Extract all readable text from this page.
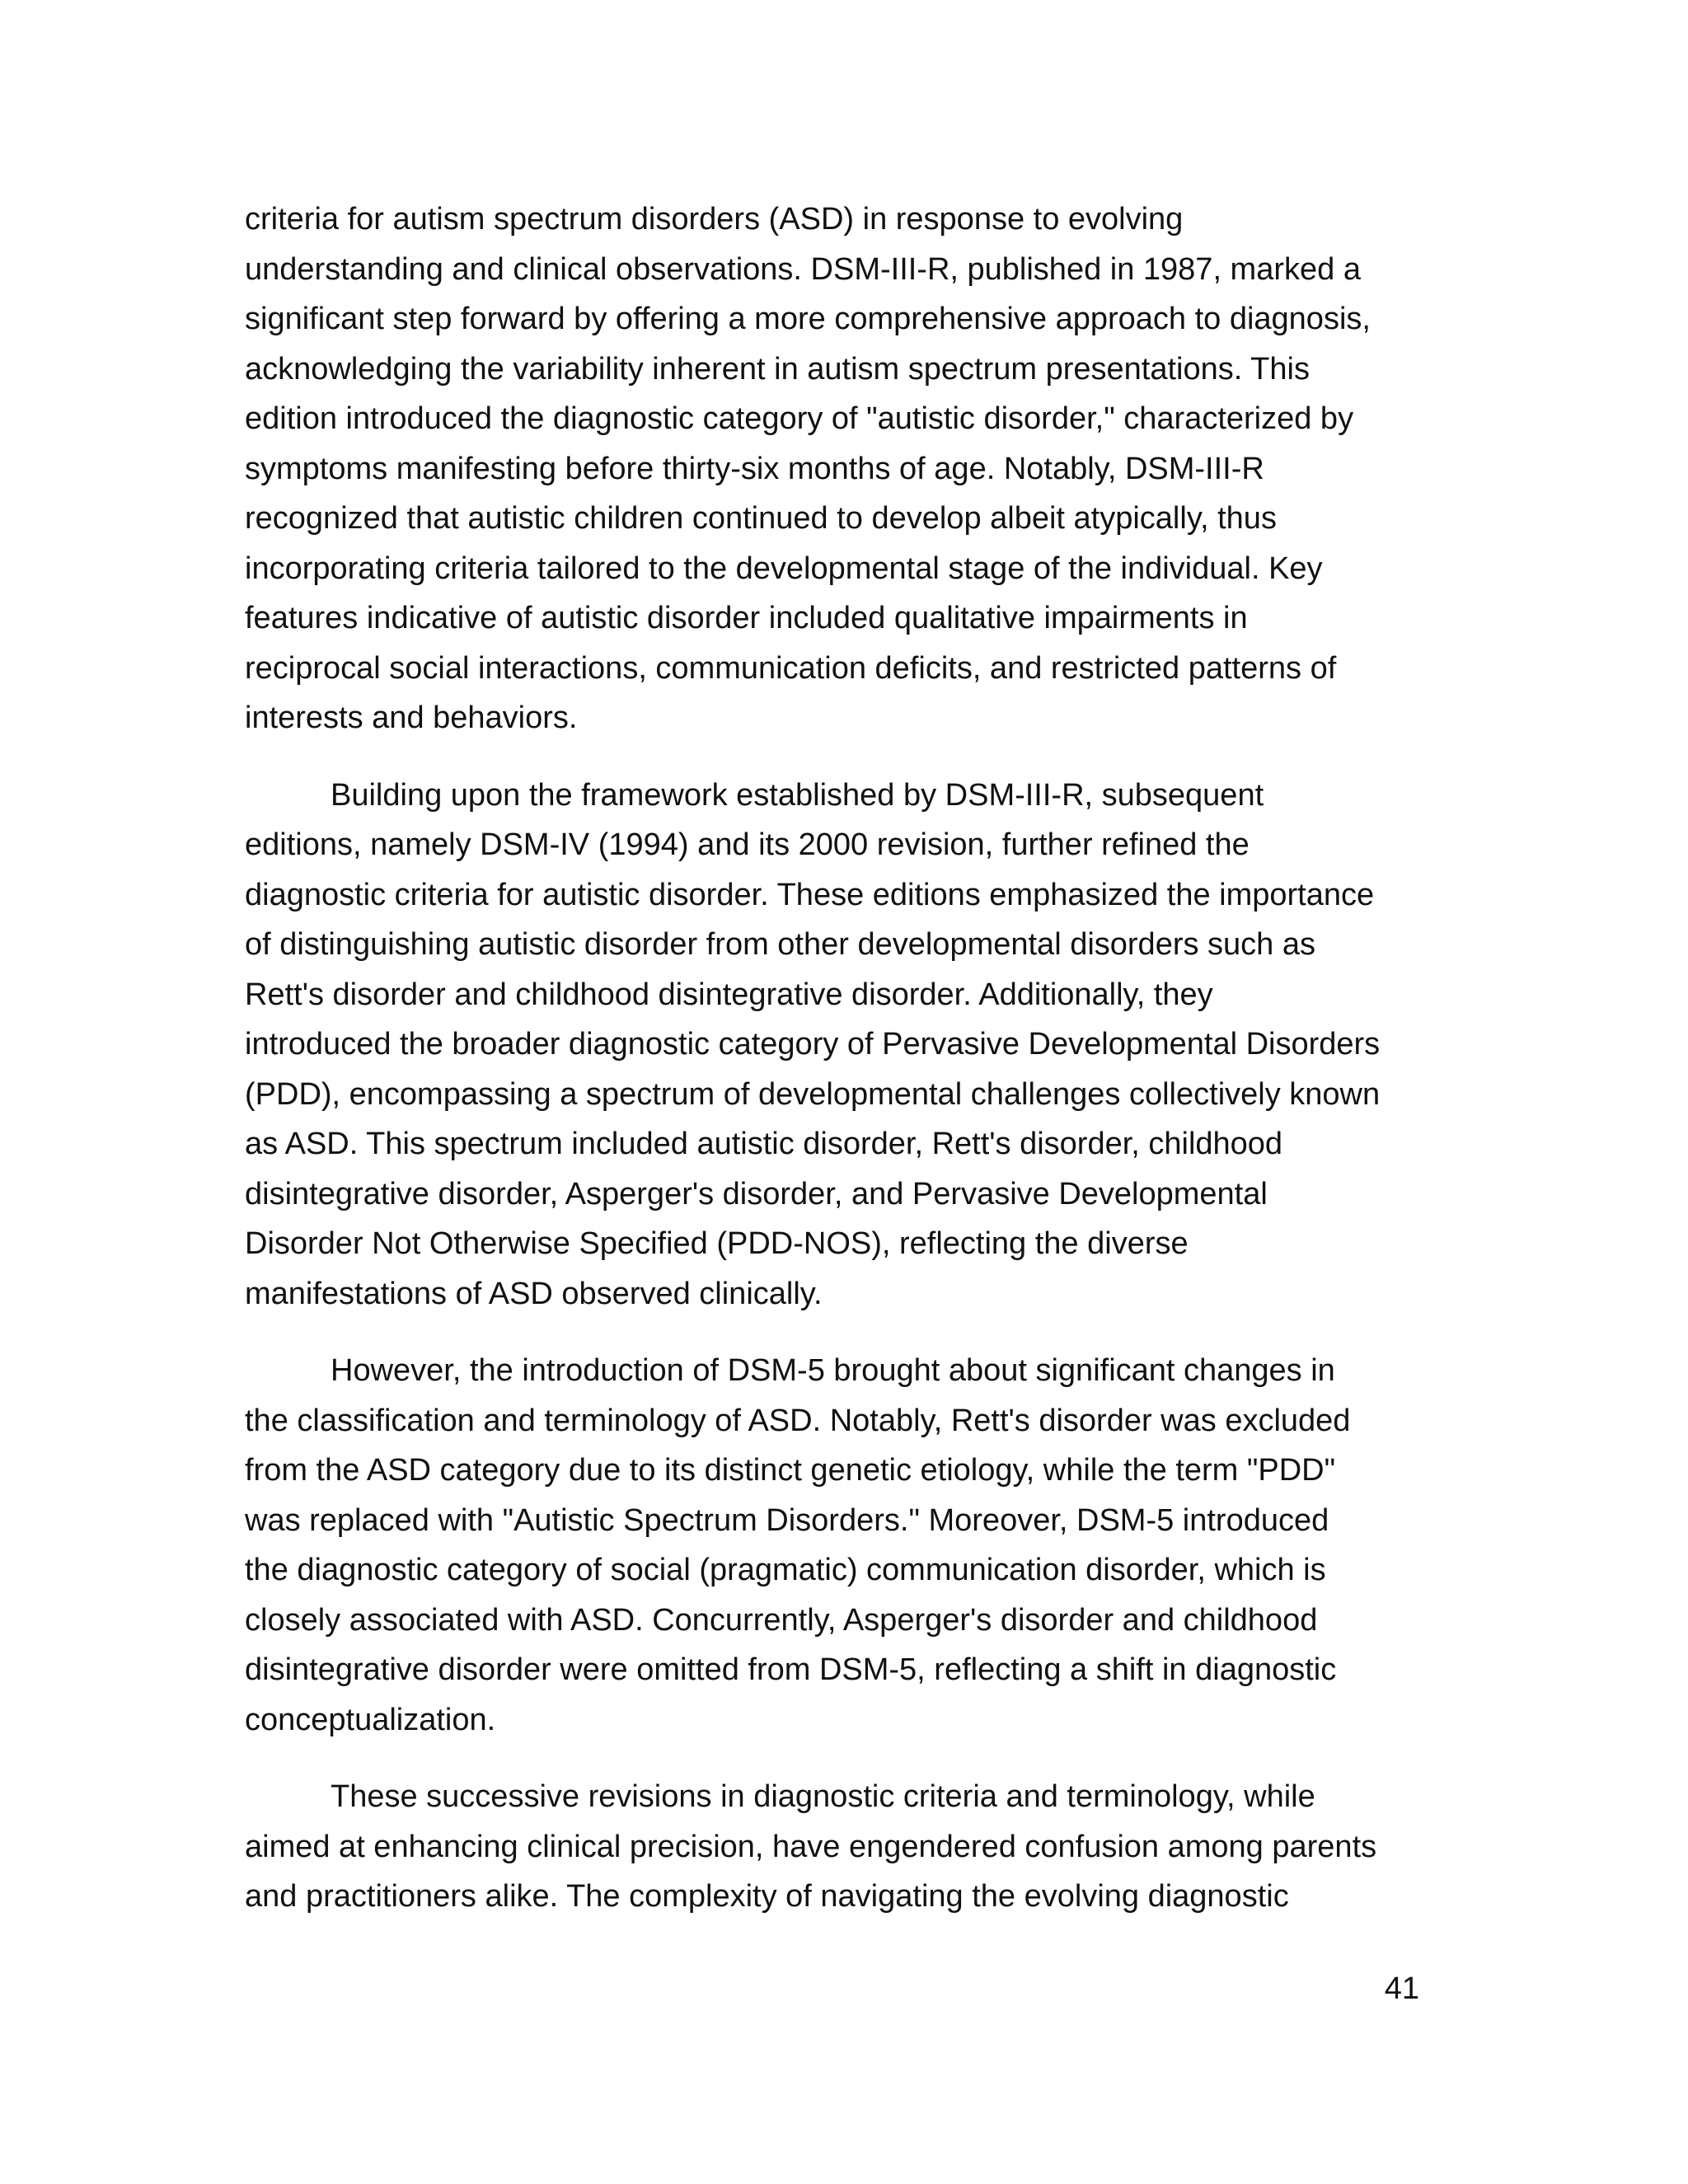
criteria for autism spectrum disorders (ASD) in response to evolving
understanding and clinical observations. DSM-III-R, published in 1987, marked a
significant step forward by offering a more comprehensive approach to diagnosis,
acknowledging the variability inherent in autism spectrum presentations. This
edition introduced the diagnostic category of "autistic disorder," characterized by
symptoms manifesting before thirty-six months of age. Notably, DSM-III-R
recognized that autistic children continued to develop albeit atypically, thus
incorporating criteria tailored to the developmental stage of the individual. Key
features indicative of autistic disorder included qualitative impairments in
reciprocal social interactions, communication deficits, and restricted patterns of
interests and behaviors.
Building upon the framework established by DSM-III-R, subsequent
editions, namely DSM-IV (1994) and its 2000 revision, further refined the
diagnostic criteria for autistic disorder. These editions emphasized the importance
of distinguishing autistic disorder from other developmental disorders such as
Rett's disorder and childhood disintegrative disorder. Additionally, they
introduced the broader diagnostic category of Pervasive Developmental Disorders
(PDD), encompassing a spectrum of developmental challenges collectively known
as ASD. This spectrum included autistic disorder, Rett's disorder, childhood
disintegrative disorder, Asperger's disorder, and Pervasive Developmental
Disorder Not Otherwise Specified (PDD-NOS), reflecting the diverse
manifestations of ASD observed clinically.
However, the introduction of DSM-5 brought about significant changes in
the classification and terminology of ASD. Notably, Rett's disorder was excluded
from the ASD category due to its distinct genetic etiology, while the term "PDD"
was replaced with "Autistic Spectrum Disorders." Moreover, DSM-5 introduced
the diagnostic category of social (pragmatic) communication disorder, which is
closely associated with ASD. Concurrently, Asperger's disorder and childhood
disintegrative disorder were omitted from DSM-5, reflecting a shift in diagnostic
conceptualization.
These successive revisions in diagnostic criteria and terminology, while
aimed at enhancing clinical precision, have engendered confusion among parents
and practitioners alike. The complexity of navigating the evolving diagnostic
41
